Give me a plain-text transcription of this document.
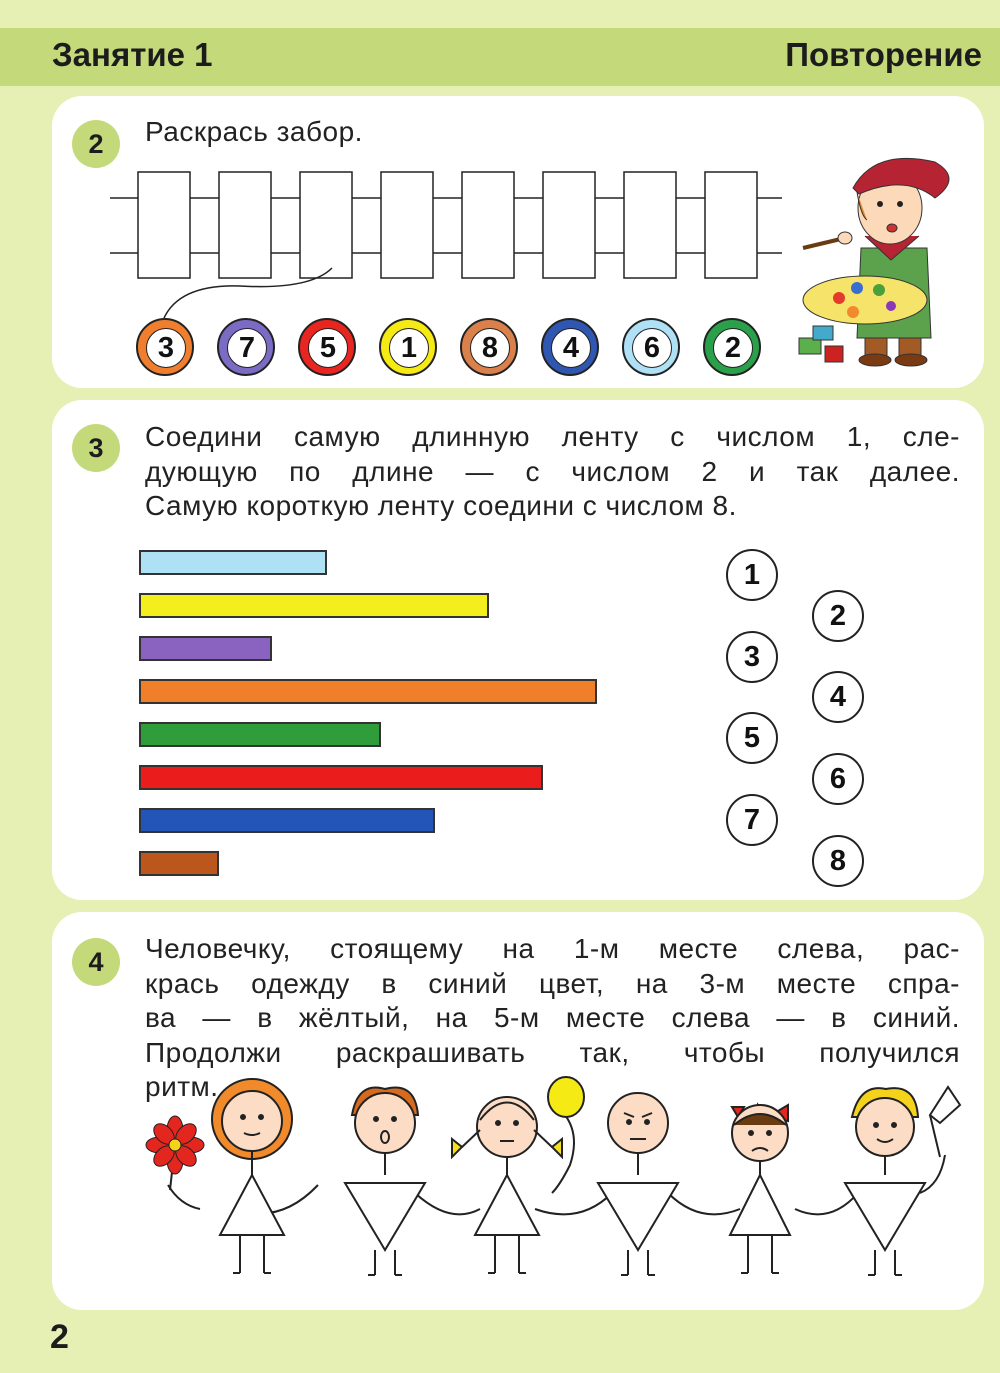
Занятие 1	Повторение
2	Раскрась забор.
3	7	5	1	8	4	6	2
3	Соедини самую длинную ленту с числом 1, сле-
дующую по длине — с числом 2 и так далее.
Самую короткую ленту соедини с числом 8.
1
2
3
4
5
6
7
8
4	Человечку, стоящему на 1-м месте слева, рас-
крась одежду в синий цвет, на 3-м месте спра-
ва — в жёлтый, на 5-м месте слева — в синий.
Продолжи раскрашивать так, чтобы получился
ритм.
2
